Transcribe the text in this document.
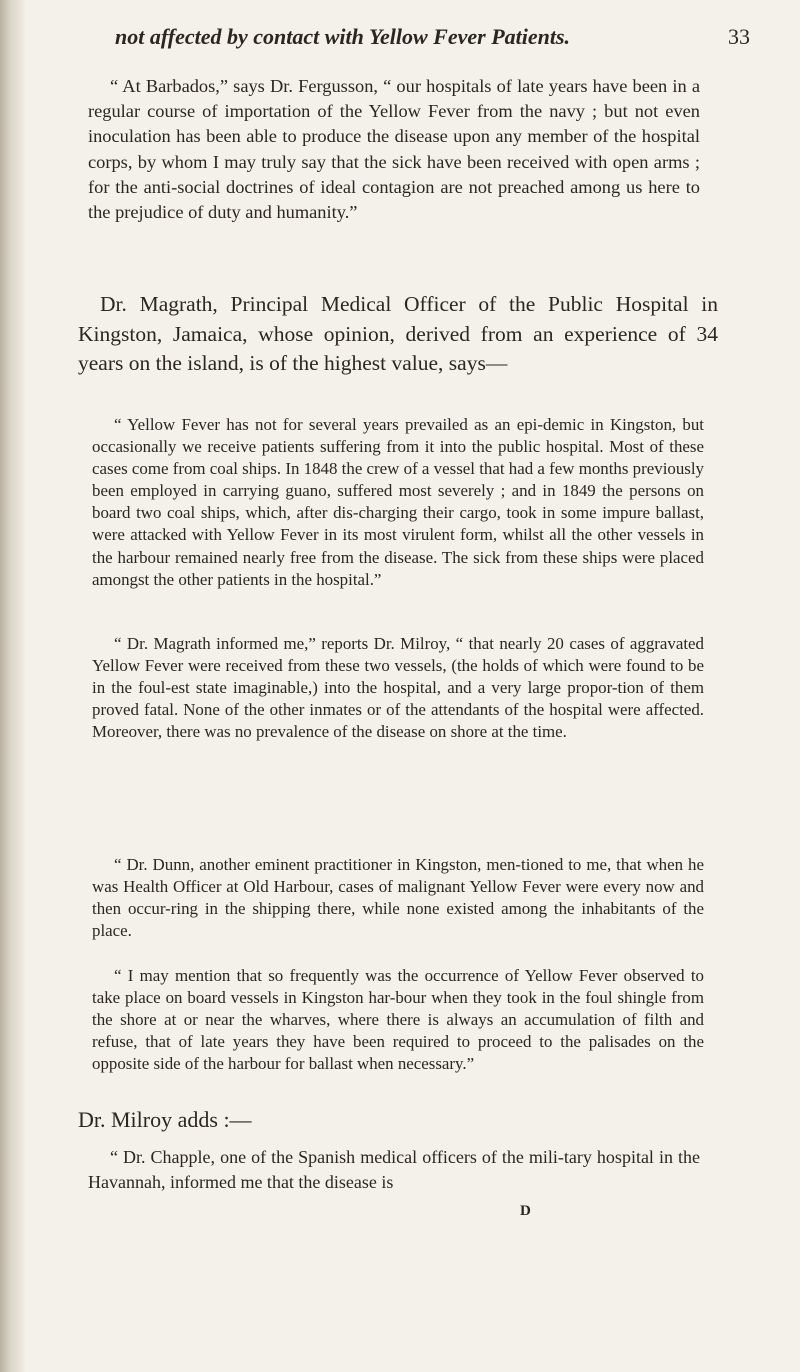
not affected by contact with Yellow Fever Patients.	33

“ At Barbados,” says Dr. Fergusson, “ our hospitals of late years have been in a regular course of importation of the Yellow Fever from the navy ; but not even inoculation has been able to produce the disease upon any member of the hospital corps, by whom I may truly say that the sick have been received with open arms ; for the anti-social doctrines of ideal contagion are not preached among us here to the prejudice of duty and humanity.”

Dr. Magrath, Principal Medical Officer of the Public Hospital in Kingston, Jamaica, whose opinion, derived from an experience of 34 years on the island, is of the highest value, says—

“ Yellow Fever has not for several years prevailed as an epi-demic in Kingston, but occasionally we receive patients suffering from it into the public hospital. Most of these cases come from coal ships. In 1848 the crew of a vessel that had a few months previously been employed in carrying guano, suffered most severely ; and in 1849 the persons on board two coal ships, which, after dis-charging their cargo, took in some impure ballast, were attacked with Yellow Fever in its most virulent form, whilst all the other vessels in the harbour remained nearly free from the disease. The sick from these ships were placed amongst the other patients in the hospital.”

“ Dr. Magrath informed me,” reports Dr. Milroy, “ that nearly 20 cases of aggravated Yellow Fever were received from these two vessels, (the holds of which were found to be in the foul-est state imaginable,) into the hospital, and a very large propor-tion of them proved fatal. None of the other inmates or of the attendants of the hospital were affected. Moreover, there was no prevalence of the disease on shore at the time.

“ Dr. Dunn, another eminent practitioner in Kingston, men-tioned to me, that when he was Health Officer at Old Harbour, cases of malignant Yellow Fever were every now and then occur-ring in the shipping there, while none existed among the inhabitants of the place.

“ I may mention that so frequently was the occurrence of Yellow Fever observed to take place on board vessels in Kingston har-bour when they took in the foul shingle from the shore at or near the wharves, where there is always an accumulation of filth and refuse, that of late years they have been required to proceed to the palisades on the opposite side of the harbour for ballast when necessary.”

Dr. Milroy adds :—

“ Dr. Chapple, one of the Spanish medical officers of the mili-tary hospital in the Havannah, informed me that the disease is

D
